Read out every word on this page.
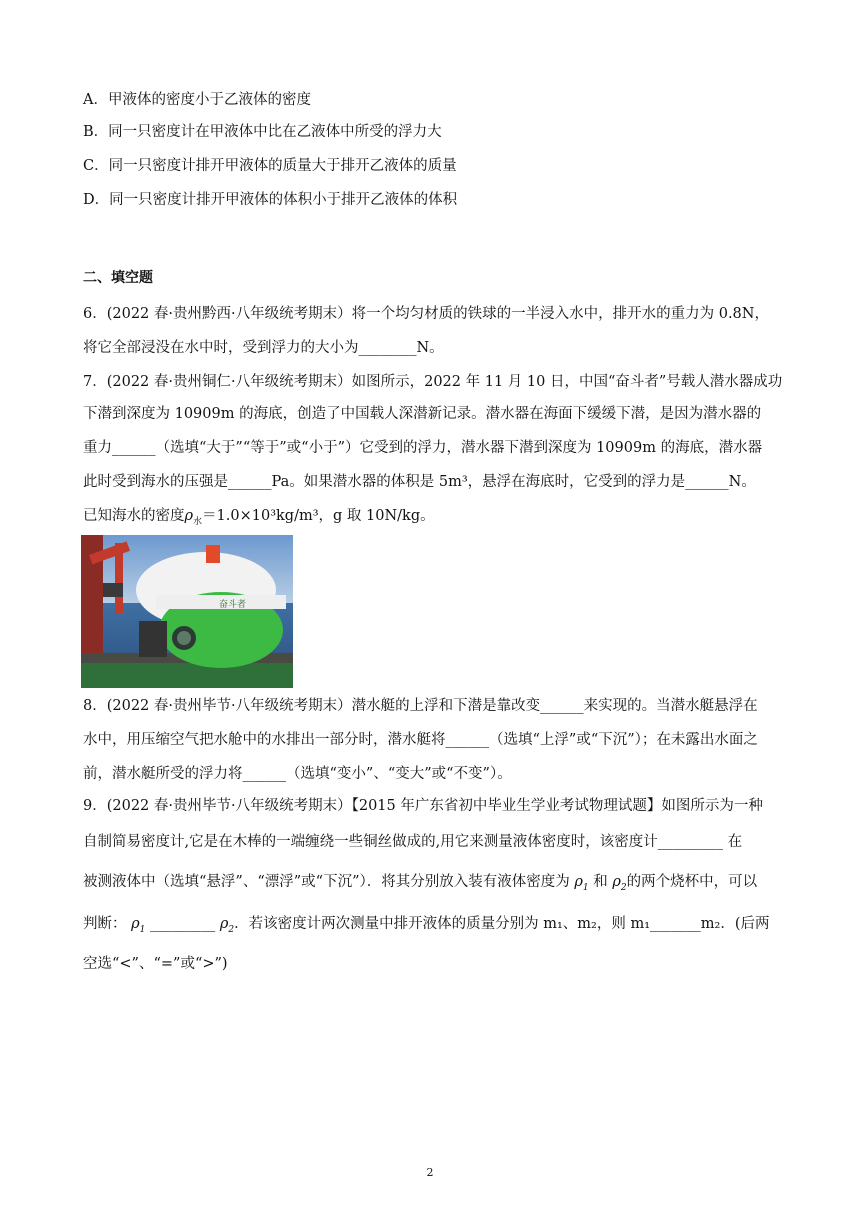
A．甲液体的密度小于乙液体的密度
B．同一只密度计在甲液体中比在乙液体中所受的浮力大
C．同一只密度计排开甲液体的质量大于排开乙液体的质量
D．同一只密度计排开甲液体的体积小于排开乙液体的体积
二、填空题
6．(2022 春·贵州黔西·八年级统考期末）将一个均匀材质的铁球的一半浸入水中，排开水的重力为 0.8N，
将它全部浸没在水中时，受到浮力的大小为________N。
7．(2022 春·贵州铜仁·八年级统考期末）如图所示，2022 年 11 月 10 日，中国“奋斗者”号载人潜水器成功
下潜到深度为 10909m 的海底，创造了中国载人深潜新记录。潜水器在海面下缓缓下潜，是因为潜水器的
重力______（选填“大于”“等于”或“小于”）它受到的浮力，潜水器下潜到深度为 10909m 的海底，潜水器
此时受到海水的压强是______Pa。如果潜水器的体积是 5m³，悬浮在海底时，它受到的浮力是______N。
已知海水的密度$\rho_水=1.0\times 10^3kg/m^3$，g 取 10N/kg。
奋斗者
8．(2022 春·贵州毕节·八年级统考期末）潜水艇的上浮和下潜是靠改变______来实现的。当潜水艇悬浮在
水中，用压缩空气把水舱中的水排出一部分时，潜水艇将______（选填“上浮”或“下沉”）；在未露出水面之
前，潜水艇所受的浮力将______（选填“变小”、“变大”或“不变”）。
9．(2022 春·贵州毕节·八年级统考期末）【2015 年广东省初中毕业生学业考试物理试题】如图所示为一种
自制简易密度计,它是在木棒的一端缠绕一些铜丝做成的,用它来测量液体密度时，该密度计_________ 在
被测液体中（选填“悬浮”、“漂浮”或“下沉”）．将其分别放入装有液体密度为 $\rho_1$ 和 $\rho_2$的两个烧杯中，可以
判断： $\rho_1$ _________ $\rho_2$．若该密度计两次测量中排开液体的质量分别为 m₁、m₂，则 m₁_______m₂．(后两
空选“<”、“=”或“>”)
2
